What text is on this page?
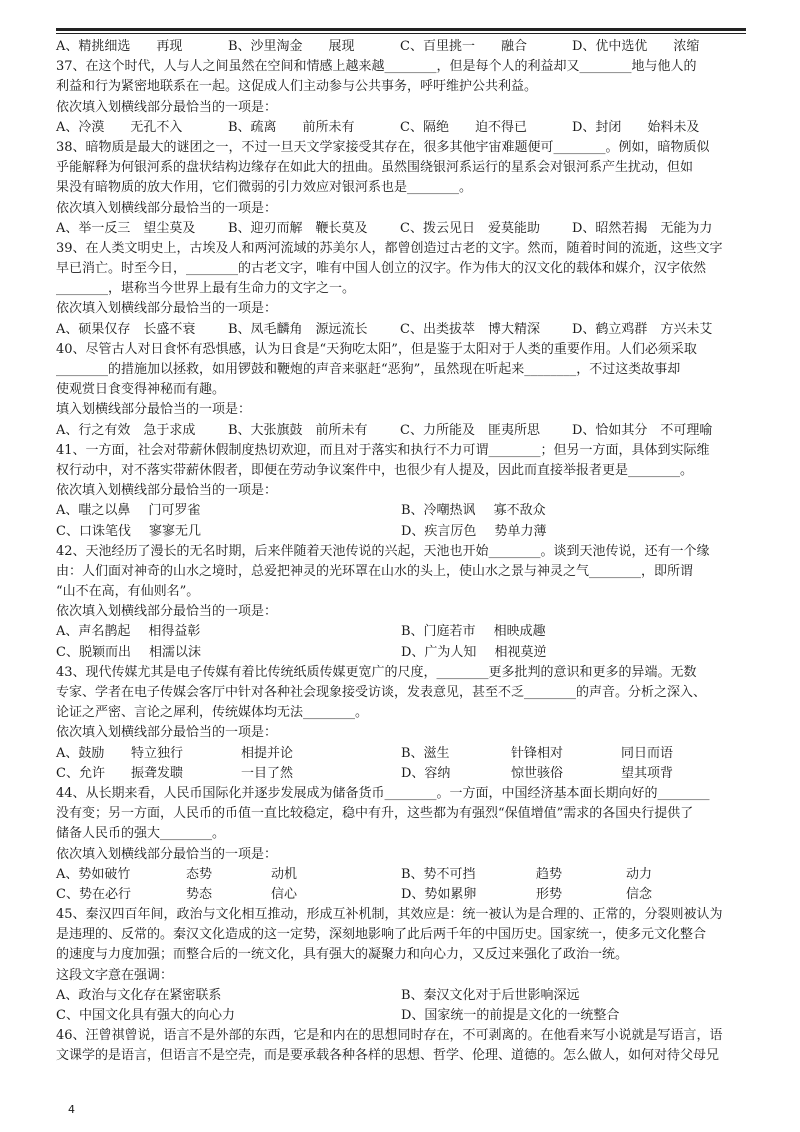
A、精挑细选　　再现	B、沙里淘金　　展现	C、百里挑一　　融合	D、优中选优　　浓缩
37、在这个时代，人与人之间虽然在空间和情感上越来越________，但是每个人的利益却又________地与他人的
利益和行为紧密地联系在一起。这促成人们主动参与公共事务，呼吁维护公共利益。
依次填入划横线部分最恰当的一项是：
A、冷漠　　无孔不入	B、疏离　　前所未有	C、隔绝　　迫不得已	D、封闭　　始料未及
38、暗物质是最大的谜团之一，不过一旦天文学家接受其存在，很多其他宇宙难题便可________。例如，暗物质似
乎能解释为何银河系的盘状结构边缘存在如此大的扭曲。虽然围绕银河系运行的星系会对银河系产生扰动，但如
果没有暗物质的放大作用，它们微弱的引力效应对银河系也是________。
依次填入划横线部分最恰当的一项是：
A、举一反三　望尘莫及	B、迎刃而解　鞭长莫及	C、拨云见日　爱莫能助	D、昭然若揭　无能为力
39、在人类文明史上，古埃及人和两河流域的苏美尔人，都曾创造过古老的文字。然而，随着时间的流逝，这些文字
早已消亡。时至今日，________的古老文字，唯有中国人创立的汉字。作为伟大的汉文化的载体和媒介，汉字依然
________，堪称当今世界上最有生命力的文字之一。
依次填入划横线部分最恰当的一项是：
A、硕果仅存　长盛不衰	B、凤毛麟角　源远流长	C、出类拔萃　博大精深	D、鹤立鸡群　方兴未艾
40、尽管古人对日食怀有恐惧感，认为日食是“天狗吃太阳”，但是鉴于太阳对于人类的重要作用。人们必须采取
________的措施加以拯救，如用锣鼓和鞭炮的声音来驱赶“恶狗”，虽然现在听起来________，不过这类故事却
使观赏日食变得神秘而有趣。
填入划横线部分最恰当的一项是：
A、行之有效　急于求成	B、大张旗鼓　前所未有	C、力所能及　匪夷所思	D、恰如其分　不可理喻
41、一方面，社会对带薪休假制度热切欢迎，而且对于落实和执行不力可谓________；但另一方面，具体到实际维
权行动中，对不落实带薪休假者，即便在劳动争议案件中，也很少有人提及，因此而直接举报者更是________。
依次填入划横线部分最恰当的一项是：
A、嗤之以鼻 门可罗雀	B、冷嘲热讽 寡不敌众
C、口诛笔伐 寥寥无几	D、疾言厉色 势单力薄
42、天池经历了漫长的无名时期，后来伴随着天池传说的兴起，天池也开始________。谈到天池传说，还有一个缘
由：人们面对神奇的山水之境时，总爱把神灵的光环罩在山水的头上，使山水之景与神灵之气________，即所谓
“山不在高，有仙则名”。
依次填入划横线部分最恰当的一项是：
A、声名鹊起 相得益彰	B、门庭若市 相映成趣
C、脱颖而出 相濡以沫	D、广为人知 相视莫逆
43、现代传媒尤其是电子传媒有着比传统纸质传媒更宽广的尺度，________更多批判的意识和更多的异端。无数
专家、学者在电子传媒会客厅中针对各种社会现象接受访谈，发表意见，甚至不乏________的声音。分析之深入、
论证之严密、言论之犀利，传统媒体均无法________。
依次填入划横线部分最恰当的一项是：
A、鼓励	特立独行	相提并论	B、滋生	针锋相对	同日而语
C、允许	振聋发聩	一目了然	D、容纳	惊世骇俗	望其项背
44、从长期来看，人民币国际化并逐步发展成为储备货币________。一方面，中国经济基本面长期向好的________
没有变；另一方面，人民币的币值一直比较稳定，稳中有升，这些都为有强烈“保值增值”需求的各国央行提供了
储备人民币的强大________。
依次填入划横线部分最恰当的一项是：
A、势如破竹	态势	动机	B、势不可挡	趋势	动力
C、势在必行	势态	信心	D、势如累卵	形势	信念
45、秦汉四百年间，政治与文化相互推动，形成互补机制，其效应是：统一被认为是合理的、正常的，分裂则被认为
是违理的、反常的。秦汉文化造成的这一定势，深刻地影响了此后两千年的中国历史。国家统一，使多元文化整合
的速度与力度加强；而整合后的一统文化，具有强大的凝聚力和向心力，又反过来强化了政治一统。
这段文字意在强调：
A、政治与文化存在紧密联系	B、秦汉文化对于后世影响深远
C、中国文化具有强大的向心力	D、国家统一的前提是文化的一统整合
46、汪曾祺曾说，语言不是外部的东西，它是和内在的思想同时存在，不可剥离的。在他看来写小说就是写语言，语
文课学的是语言，但语言不是空壳，而是要承载各种各样的思想、哲学、伦理、道德的。怎么做人，如何对待父母兄
4
